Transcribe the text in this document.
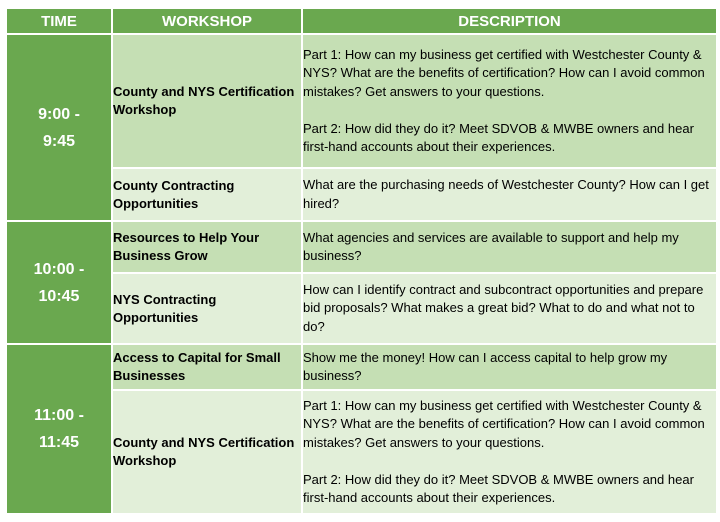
TIME	WORKSHOP	DESCRIPTION
9:00 -
9:45	County and NYS Certification Workshop	Part 1: How can my business get certified with Westchester County & NYS? What are the benefits of certification? How can I avoid common mistakes? Get answers to your questions.
Part 2: How did they do it? Meet SDVOB & MWBE owners and hear first-hand accounts about their experiences.

	County Contracting Opportunities	What are the purchasing needs of Westchester County? How can I get hired?
10:00 -
10:45	Resources to Help Your Business Grow	What agencies and services are available to support and help my business?
	NYS Contracting Opportunities	How can I identify contract and subcontract opportunities and prepare bid proposals? What makes a great bid? What to do and what not to do?
11:00 -
11:45	Access to Capital for Small Businesses	Show me the money! How can I access capital to help grow my business?
	County and NYS Certification Workshop	Part 1: How can my business get certified with Westchester County & NYS? What are the benefits of certification? How can I avoid common mistakes? Get answers to your questions.
Part 2: How did they do it? Meet SDVOB & MWBE owners and hear first-hand accounts about their experiences.
